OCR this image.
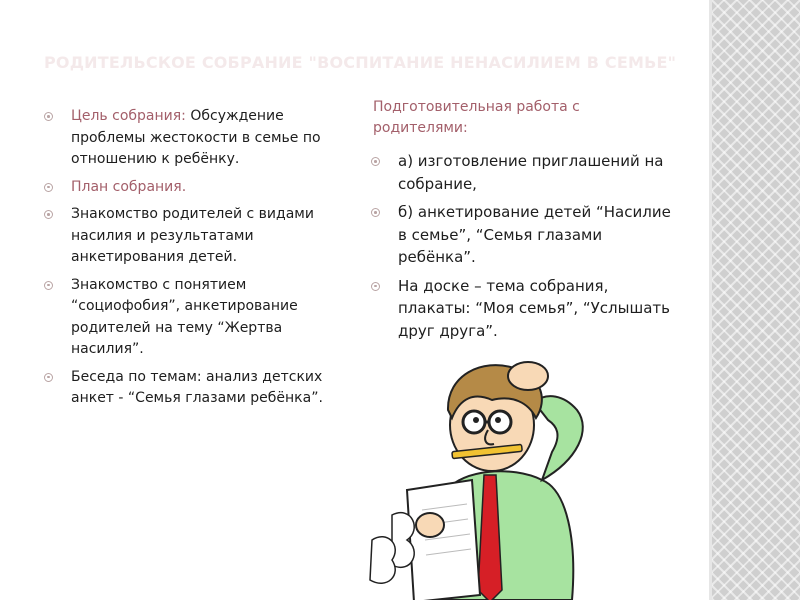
РОДИТЕЛЬСКОЕ СОБРАНИЕ "ВОСПИТАНИЕ НЕНАСИЛИЕМ В СЕМЬЕ"
Цель собрания: Обсуждение проблемы жестокости в семье по отношению к ребёнку.
План собрания.
Знакомство родителей с видами насилия и результатами анкетирования детей.
Знакомство с понятием “социофобия”, анкетирование родителей на тему “Жертва насилия”.
Беседа по темам: анализ детских анкет - “Семья глазами ребёнка”.

Подготовительная работа с родителями:

а) изготовление приглашений на собрание,
б) анкетирование детей “Насилие в семье”, “Семья глазами ребёнка”.
На доске – тема собрания, плакаты: “Моя семья”, “Услышать друг друга”.
